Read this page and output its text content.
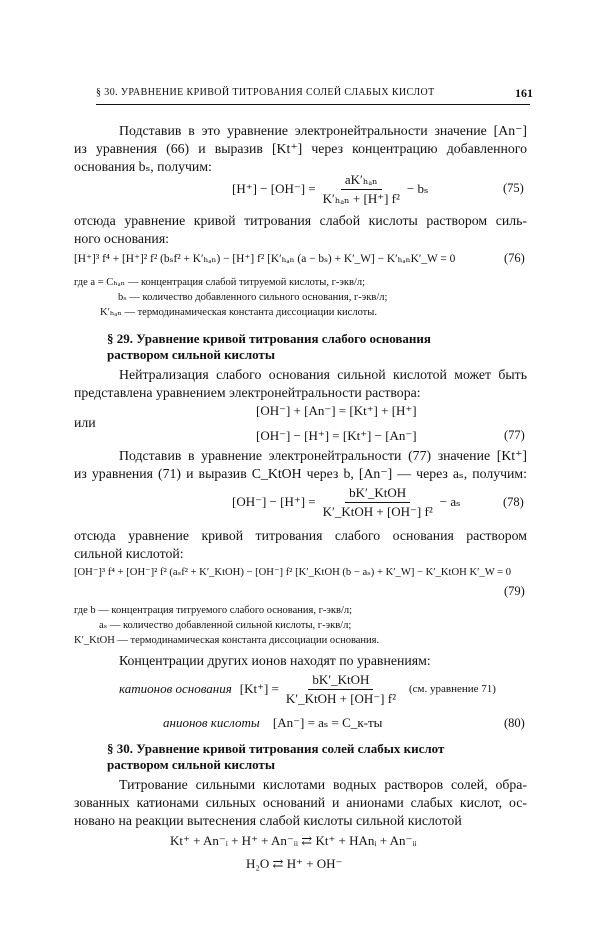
§ 30. УРАВНЕНИЕ КРИВОЙ ТИТРОВАНИЯ СОЛЕЙ СЛАБЫХ КИСЛОТ	161
Подставив в это уравнение электронейтральности значение [An⁻]
из уравнения (66) и выразив [Kt⁺] через концентрацию добавленного
основания bₛ, получим:
$[H^+] - [OH^-] = \frac{\text{aK′ₕₐₙ}}{\text{K′ₕₐₙ + [H⁺] f²}} - b_s$	(75)
отсюда уравнение кривой титрования слабой кислоты раствором силь-
ного основания:
[H⁺]³ f⁴ + [H⁺]² f² (bₛf² + K′ₕₐₙ) − [H⁺] f² [K′ₕₐₙ (a − bₛ) + K′_W] − K′ₕₐₙK′_W = 0	(76)
где a = Cₕₐₙ — концентрация слабой титруемой кислоты, г-экв/л;
bₛ — количество добавленного сильного основания, г-экв/л;
K′ₕₐₙ — термодинамическая константа диссоциации кислоты.
§ 29. Уравнение кривой титрования слабого основания
раствором сильной кислоты
Нейтрализация слабого основания сильной кислотой может быть
представлена уравнением электронейтральности раствора:
[OH⁻] + [An⁻] = [Kt⁺] + [H⁺]
или
[OH⁻] − [H⁺] = [Kt⁺] − [An⁻]	(77)
Подставив в уравнение электронейтральности (77) значение [Kt⁺]
из уравнения (71) и выразив C_KtOH через b, [An⁻] — через aₛ, получим:
$[OH^-] - [H^+] = \frac{\text{bK′\_KtOH}}{\text{K′\_KtOH + [OH⁻] f²}} - a_s$	(78)
отсюда уравнение кривой титрования слабого основания раствором
сильной кислотой:
[OH⁻]³ f⁴ + [OH⁻]² f² (aₛf² + K′_KtOH) − [OH⁻] f² [K′_KtOH (b − aₛ) + K′_W] − K′_KtOH K′_W = 0
(79)
где b — концентрация титруемого слабого основания, г-экв/л;
aₛ — количество добавленной сильной кислоты, г-экв/л;
K′_KtOH — термодинамическая константа диссоциации основания.
Концентрации других ионов находят по уравнениям:
катионов основания $[Kt^+] = \frac{\text{bK′\_KtOH}}{\text{K′\_KtOH + [OH⁻] f²}} (см$. уравнение 71)
анионов кислоты [An⁻] = aₛ = C_к-ты	(80)
§ 30. Уравнение кривой титрования солей слабых кислот
раствором сильной кислоты
Титрование сильными кислотами водных растворов солей, обра-
зованных катионами сильных оснований и анионами слабых кислот, ос-
новано на реакции вытеснения слабой кислоты сильной кислотой
Kt⁺ + An⁻ᵢ + H⁺ + An⁻ᵢᵢ ⇄ Kt⁺ + HAnᵢ + An⁻ᵢᵢ
H₂O ⇄ H⁺ + OH⁻
